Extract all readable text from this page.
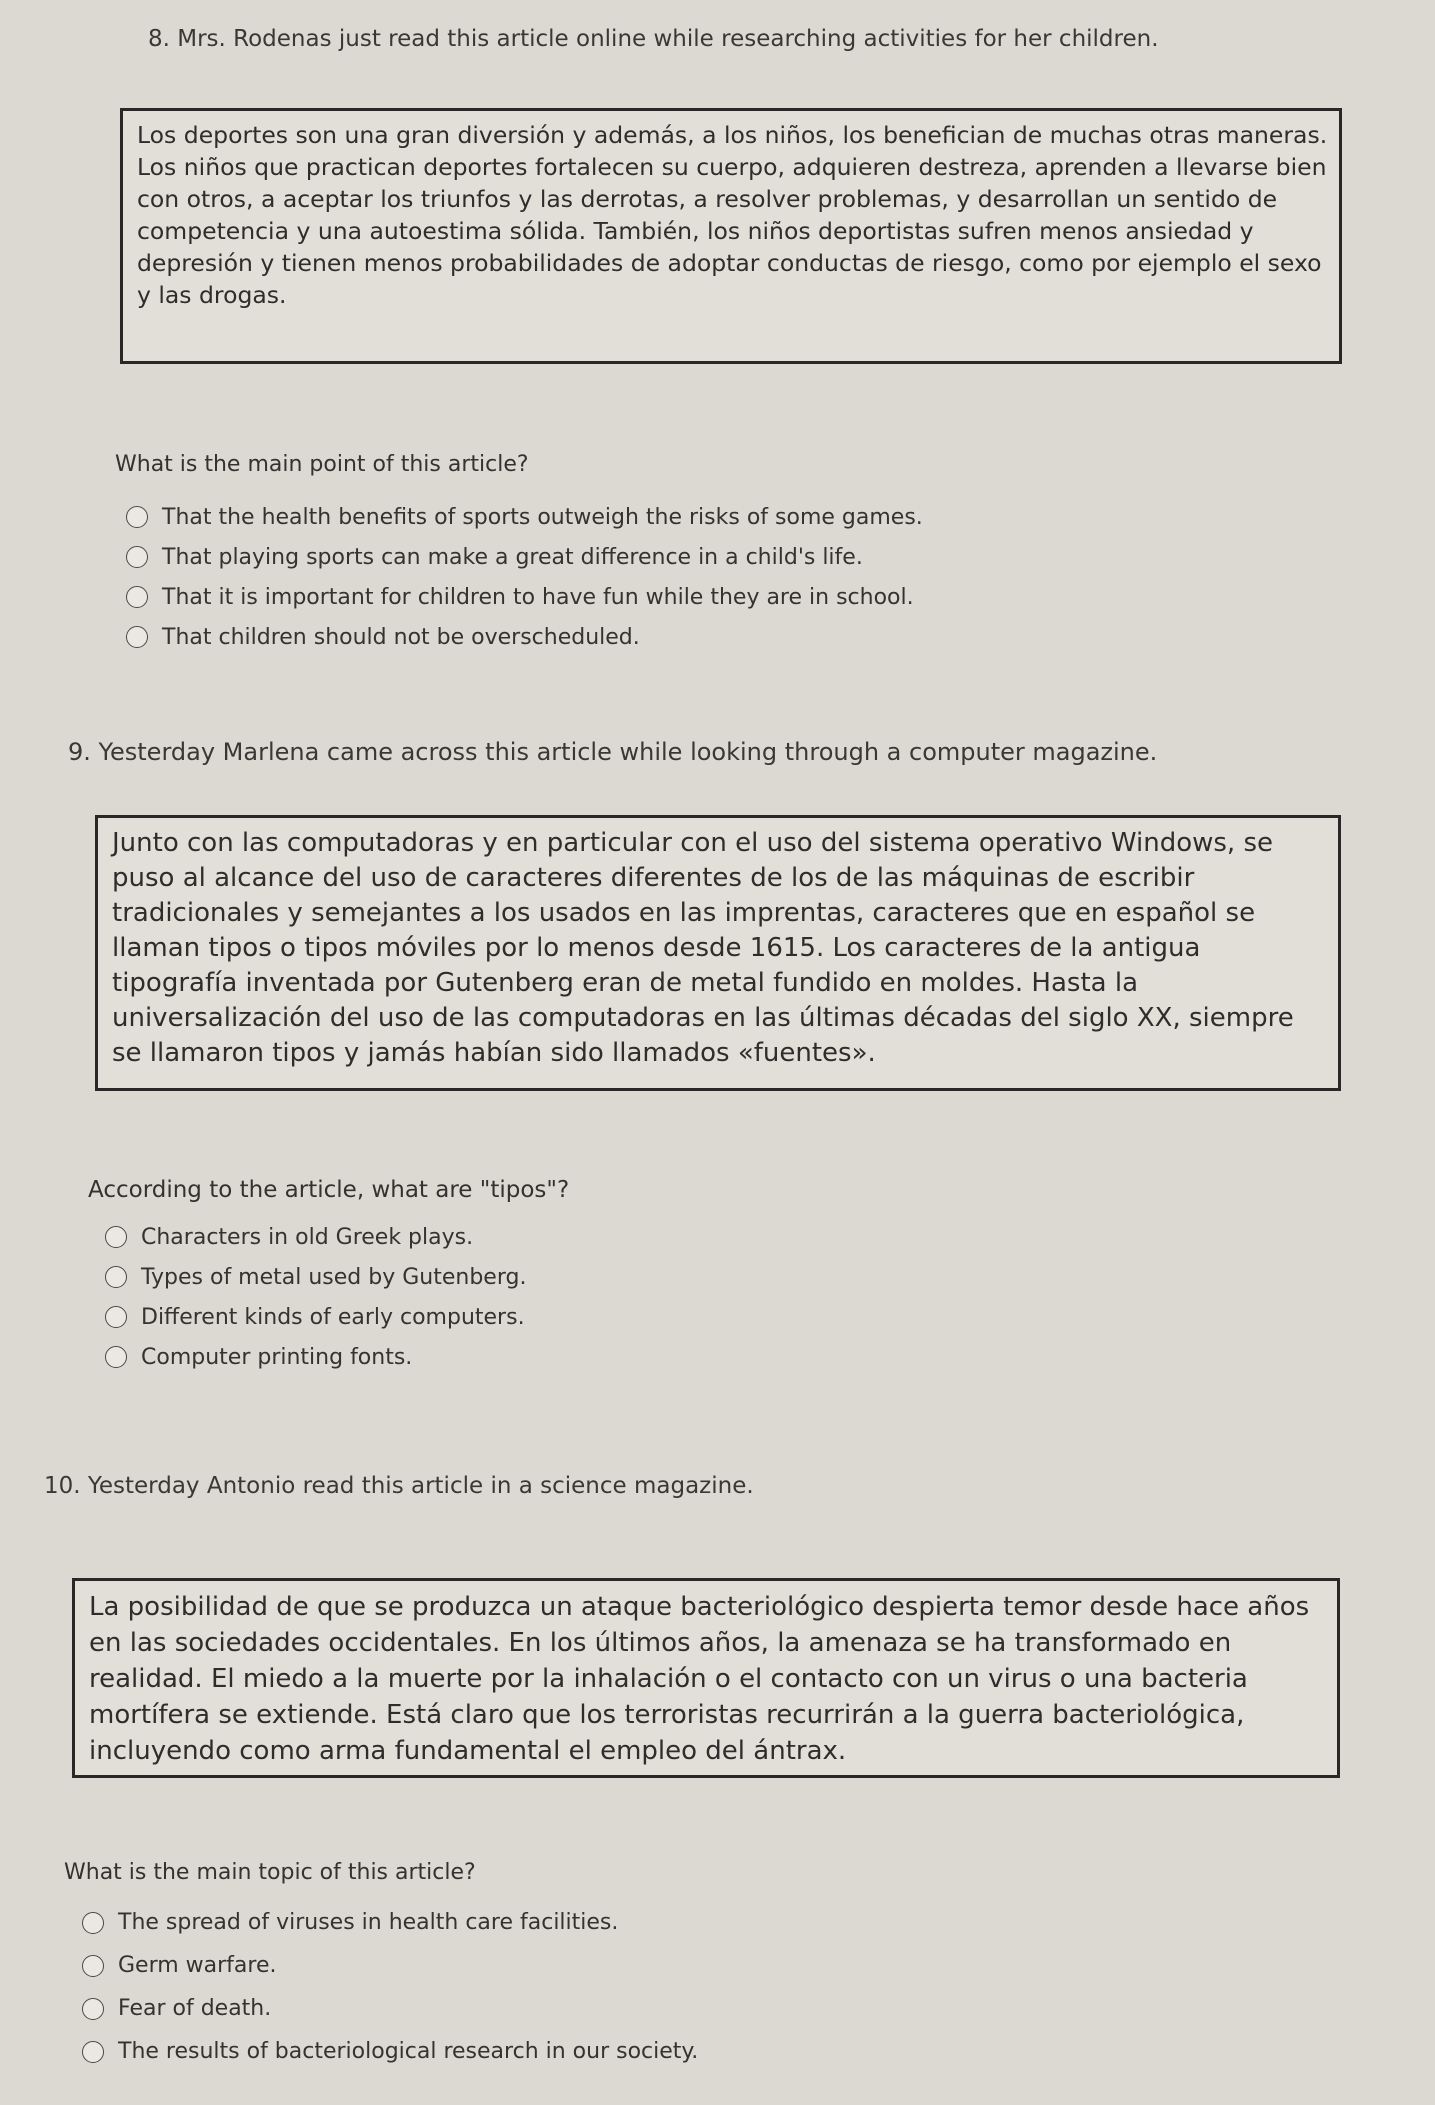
8. Mrs. Rodenas just read this article online while researching activities for her children.

Los deportes son una gran diversión y además, a los niños, los benefician de muchas otras maneras. Los niños que practican deportes fortalecen su cuerpo, adquieren destreza, aprenden a llevarse bien con otros, a aceptar los triunfos y las derrotas, a resolver problemas, y desarrollan un sentido de competencia y una autoestima sólida. También, los niños deportistas sufren menos ansiedad y depresión y tienen menos probabilidades de adoptar conductas de riesgo, como por ejemplo el sexo y las drogas.

What is the main point of this article?
That the health benefits of sports outweigh the risks of some games.
That playing sports can make a great difference in a child's life.
That it is important for children to have fun while they are in school.
That children should not be overscheduled.
9. Yesterday Marlena came across this article while looking through a computer magazine.

Junto con las computadoras y en particular con el uso del sistema operativo Windows, se puso al alcance del uso de caracteres diferentes de los de las máquinas de escribir tradicionales y semejantes a los usados en las imprentas, caracteres que en español se llaman tipos o tipos móviles por lo menos desde 1615. Los caracteres de la antigua tipografía inventada por Gutenberg eran de metal fundido en moldes. Hasta la universalización del uso de las computadoras en las últimas décadas del siglo XX, siempre se llamaron tipos y jamás habían sido llamados «fuentes».

According to the article, what are "tipos"?
Characters in old Greek plays.
Types of metal used by Gutenberg.
Different kinds of early computers.
Computer printing fonts.
10. Yesterday Antonio read this article in a science magazine.

La posibilidad de que se produzca un ataque bacteriológico despierta temor desde hace años en las sociedades occidentales. En los últimos años, la amenaza se ha transformado en realidad. El miedo a la muerte por la inhalación o el contacto con un virus o una bacteria mortífera se extiende. Está claro que los terroristas recurrirán a la guerra bacteriológica, incluyendo como arma fundamental el empleo del ántrax.

What is the main topic of this article?
The spread of viruses in health care facilities.
Germ warfare.
Fear of death.
The results of bacteriological research in our society.
